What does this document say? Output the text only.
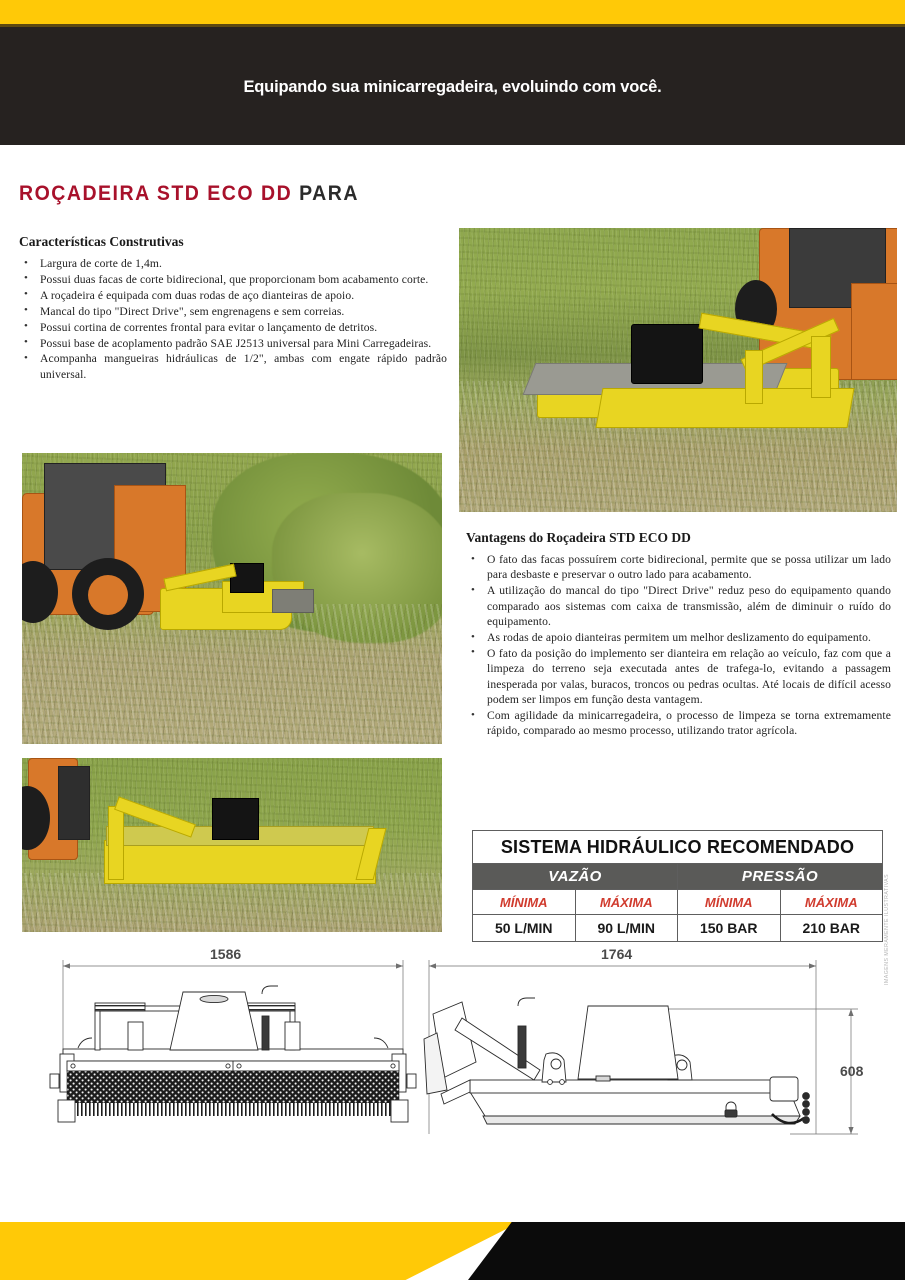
Equipando sua minicarregadeira, evoluindo com você.
ROÇADEIRA STD ECO DD PARA
Características Construtivas
• Largura de corte de 1,4m.
• Possui duas facas de corte bidirecional, que proporcionam bom acabamento corte.
• A roçadeira é equipada com duas rodas de aço dianteiras de apoio.
• Mancal do tipo "Direct Drive", sem engrenagens e sem correias.
• Possui cortina de correntes frontal para evitar o lançamento de detritos.
• Possui base de acoplamento padrão SAE J2513 universal para Mini Carregadeiras.
• Acompanha mangueiras hidráulicas de 1/2", ambas com engate rápido padrão universal.
Vantagens do Roçadeira STD ECO DD
• O fato das facas possuírem corte bidirecional, permite que se possa utilizar um lado para desbaste e preservar o outro lado para acabamento.
• A utilização do mancal do tipo "Direct Drive" reduz peso do equipamento quando comparado aos sistemas com caixa de transmissão, além de diminuir o ruído do equipamento.
• As rodas de apoio dianteiras permitem um melhor deslizamento do equipamento.
• O fato da posição do implemento ser dianteira em relação ao veículo, faz com que a limpeza do terreno seja executada antes de trafega-lo, evitando a passagem inesperada por valas, buracos, troncos ou pedras ocultas. Até locais de difícil acesso podem ser limpos em função desta vantagem.
• Com agilidade da minicarregadeira, o processo de limpeza se torna extremamente rápido, comparado ao mesmo processo, utilizando trator agrícola.
SISTEMA HIDRÁULICO RECOMENDADO			
VAZÃO		PRESSÃO	
MÍNIMA	MÁXIMA	MÍNIMA	MÁXIMA
50 L/MIN	90 L/MIN	150 BAR	210 BAR
1586	1764
608
IMAGENS MERAMENTE ILUSTRATIVAS
